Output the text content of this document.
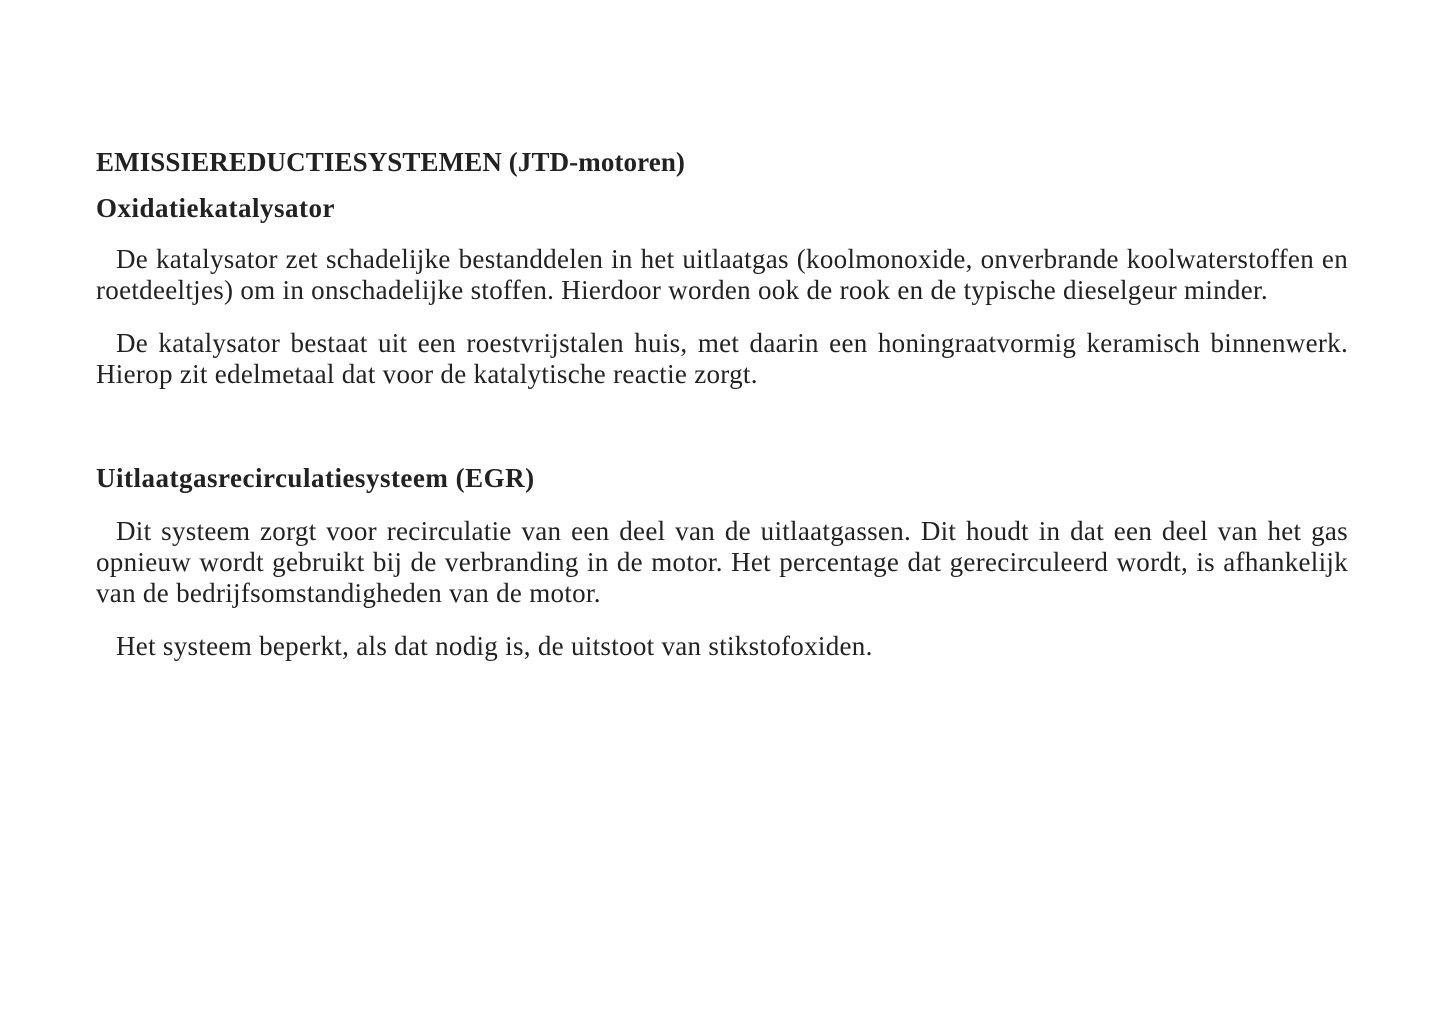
EMISSIEREDUCTIESYSTEMEN (JTD-motoren)
Oxidatiekatalysator

De katalysator zet schadelijke bestanddelen in het uitlaatgas (koolmonoxide, onverbrande koolwaterstoffen en roetdeeltjes) om in onschadelijke stoffen. Hierdoor worden ook de rook en de typische dieselgeur minder.

De katalysator bestaat uit een roestvrijstalen huis, met daarin een honingraatvormig keramisch binnenwerk. Hierop zit edelmetaal dat voor de katalytische reactie zorgt.

Uitlaatgasrecirculatiesysteem (EGR)

Dit systeem zorgt voor recirculatie van een deel van de uitlaatgassen. Dit houdt in dat een deel van het gas opnieuw wordt gebruikt bij de verbranding in de motor. Het percentage dat gerecirculeerd wordt, is afhankelijk van de bedrijfsomstandigheden van de motor.

Het systeem beperkt, als dat nodig is, de uitstoot van stikstofoxiden.
